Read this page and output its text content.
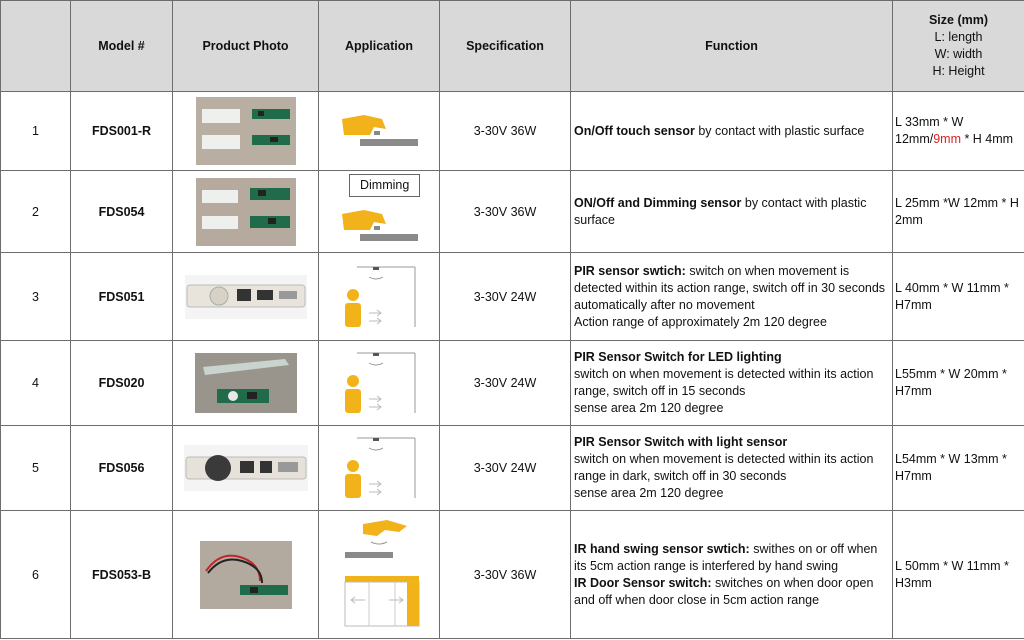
	Model #	Product Photo	Application	Specification	Function	Size (mm)
L: length
W: width
H: Height

1	FDS001-R			3-30V 36W	On/Off touch sensor by contact with plastic surface	L 33mm * W 12mm/9mm * H 4mm
2	FDS054		Dimming	3-30V 36W	ON/Off and Dimming sensor by contact with plastic surface	L 25mm *W 12mm * H 2mm
3	FDS051			3-30V 24W	PIR sensor swtich: switch on when movement is detected within its action range, switch off in 30 seconds automatically after no movement
Action range of approximately 2m 120 degree	L 40mm * W 11mm * H7mm
4	FDS020			3-30V 24W	PIR Sensor Switch for LED lighting
switch on when movement is detected within its action range, switch off in 15 seconds
sense area 2m 120 degree	L55mm * W 20mm * H7mm
5	FDS056			3-30V 24W	PIR Sensor Switch with light sensor
switch on when movement is detected within its action range in dark, switch off in 30 seconds
sense area 2m 120 degree	L54mm * W 13mm * H7mm
6	FDS053-B			3-30V 36W	IR hand swing sensor swtich: swithes on or off when its 5cm action range is interfered by hand swing
IR Door Sensor switch: switches on when door open and off when door close in 5cm action range	L 50mm * W 11mm * H3mm
